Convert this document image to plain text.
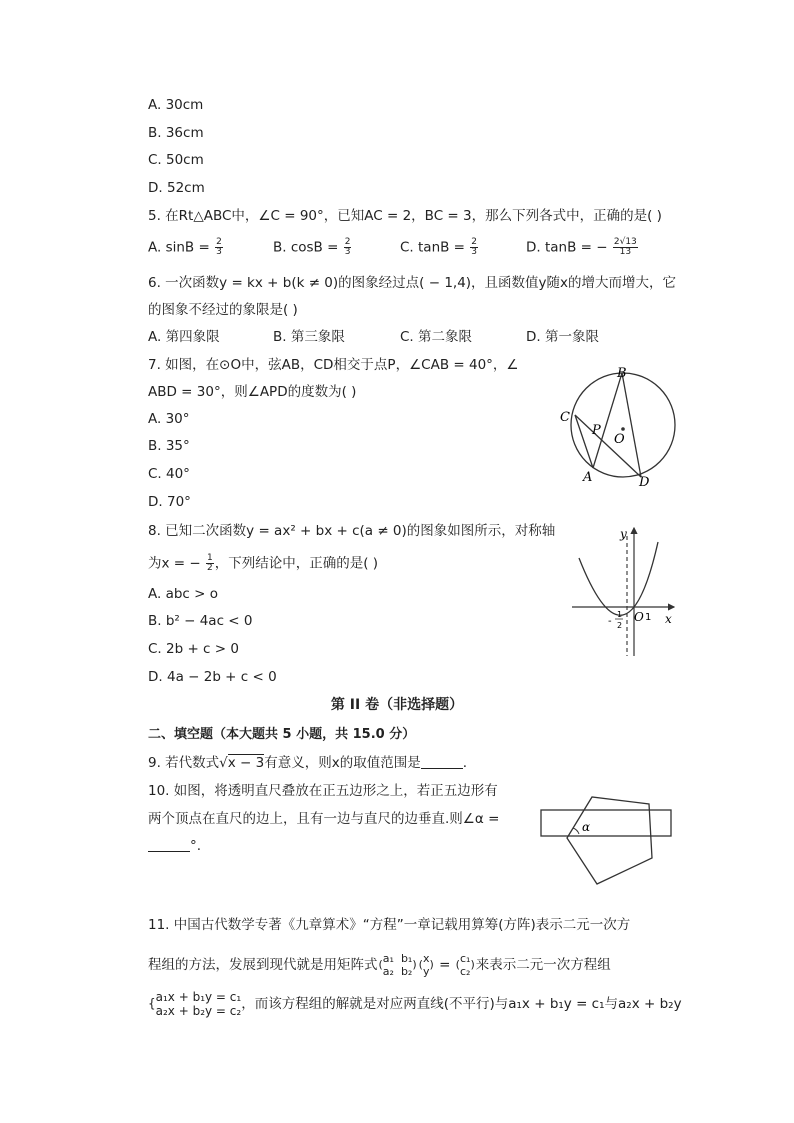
A. 30cm
B. 36cm
C. 50cm
D. 52cm
5. 在Rt△ABC中，∠C = 90°，已知AC = 2，BC = 3，那么下列各式中，正确的是( )
A. $\sin B = \frac{2}{3}$	B. $\cos B = \frac{2}{3}$	C. $\tan B = \frac{2}{3}$	D. tanB = − $\frac{2√13}{13}$
6. 一次函数y = kx + b(k ≠ 0)的图象经过点( − 1,4)，且函数值y随x的增大而增大，它
的图象不经过的象限是( )
A. 第四象限	B. 第三象限	C. 第二象限	D. 第一象限
7. 如图，在⊙O中，弦AB，CD相交于点P，∠CAB = 40°，∠
ABD = 30°，则∠APD的度数为( )
A. 30°
B. 35°
C. 40°
D. 70°
B
C
P
O
A	D
8. 已知二次函数y = ax² + bx + c(a ≠ 0)的图象如图所示，对称轴
为x = − $\frac{1}{2}$ ，下列结论中，正确的是( )
A. abc > o
B. b² − 4ac < 0
C. 2b + c > 0
D. 4a − 2b + c < 0
y
x
O 1
-
1
2
第 II 卷（非选择题）
二、填空题（本大题共 5 小题，共 15.0 分）
9. 若代数式√x − 3有意义，则x的取值范围是	.
10. 如图，将透明直尺叠放在正五边形之上，若正五边形有
两个顶点在直尺的边上，且有一边与直尺的边垂直.则∠α =
°.
α
11. 中国古代数学专著《九章算术》“方程”一章记载用算筹(方阵)表示二元一次方
程组的方法，发展到现代就是用矩阵式(a₁ b₁
a₂ b₂) (x
y) = (c₁
c₂)来表示二元一次方程组
{a₁x + b₁y = c₁
a₂x + b₂y = c₂，而该方程组的解就是对应两直线(不平行)与a₁x + b₁y = c₁与a₂x + b₂y
